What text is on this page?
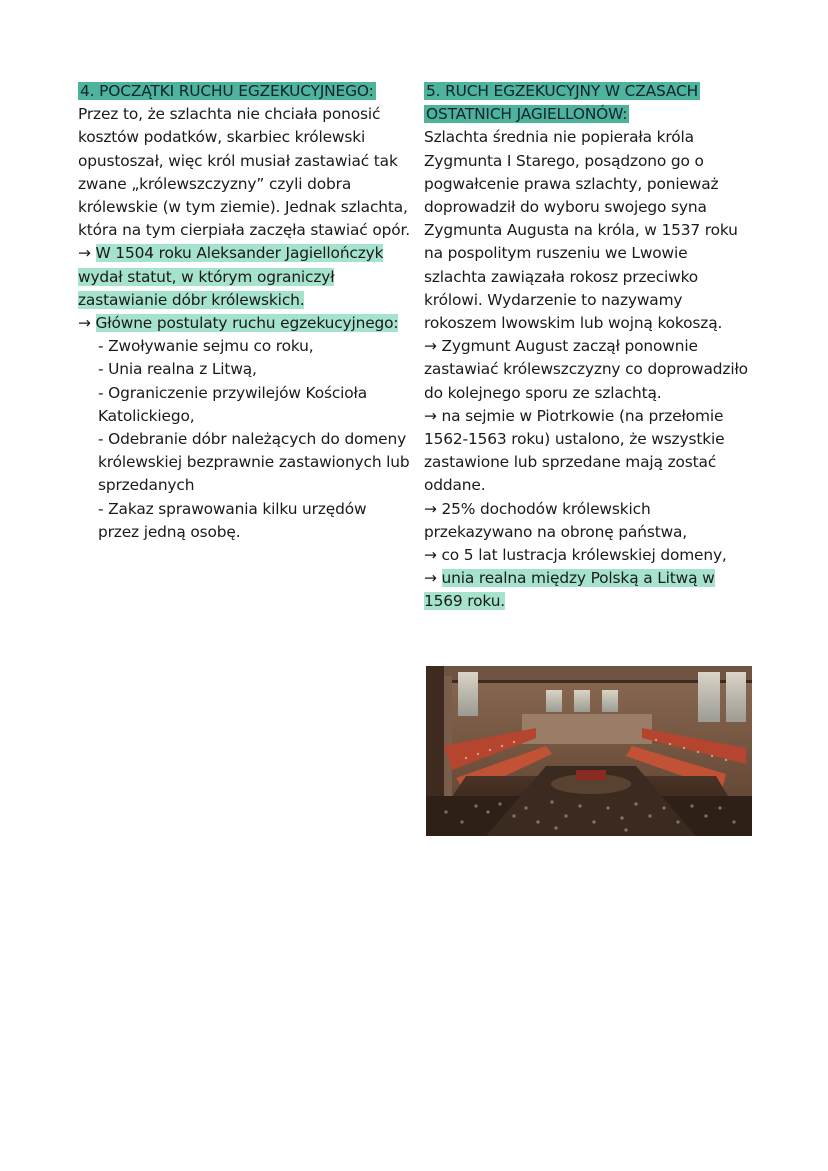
4. POCZĄTKI RUCHU EGZEKUCYJNEGO:

Przez to, że szlachta nie chciała ponosić kosztów podatków, skarbiec królewski opustoszał, więc król musiał zastawiać tak zwane „królewszczyzny” czyli dobra królewskie (w tym ziemie). Jednak szlachta, która na tym cierpiała zaczęła stawiać opór.

→ W 1504 roku Aleksander Jagiellończyk wydał statut, w którym ograniczył zastawianie dóbr królewskich.

→ Główne postulaty ruchu egzekucyjnego:

- Zwoływanie sejmu co roku,
- Unia realna z Litwą,
- Ograniczenie przywilejów Kościoła Katolickiego,
- Odebranie dóbr należących do domeny królewskiej bezprawnie zastawionych lub sprzedanych
- Zakaz sprawowania kilku urzędów przez jedną osobę.
5. RUCH EGZEKUCYJNY W CZASACH OSTATNICH JAGIELLONÓW:

Szlachta średnia nie popierała króla Zygmunta I Starego, posądzono go o pogwałcenie prawa szlachty, ponieważ doprowadził do wyboru swojego syna Zygmunta Augusta na króla, w 1537 roku na pospolitym ruszeniu we Lwowie szlachta zawiązała rokosz przeciwko królowi. Wydarzenie to nazywamy rokoszem lwowskim lub wojną kokoszą.

→ Zygmunt August zaczął ponownie zastawiać królewszczyzny co doprowadziło do kolejnego sporu ze szlachtą.

→ na sejmie w Piotrkowie (na przełomie 1562-1563 roku) ustalono, że wszystkie zastawione lub sprzedane mają zostać oddane.

→ 25% dochodów królewskich przekazywano na obronę państwa,

→ co 5 lat lustracja królewskiej domeny,

→ unia realna między Polską a Litwą w 1569 roku.
